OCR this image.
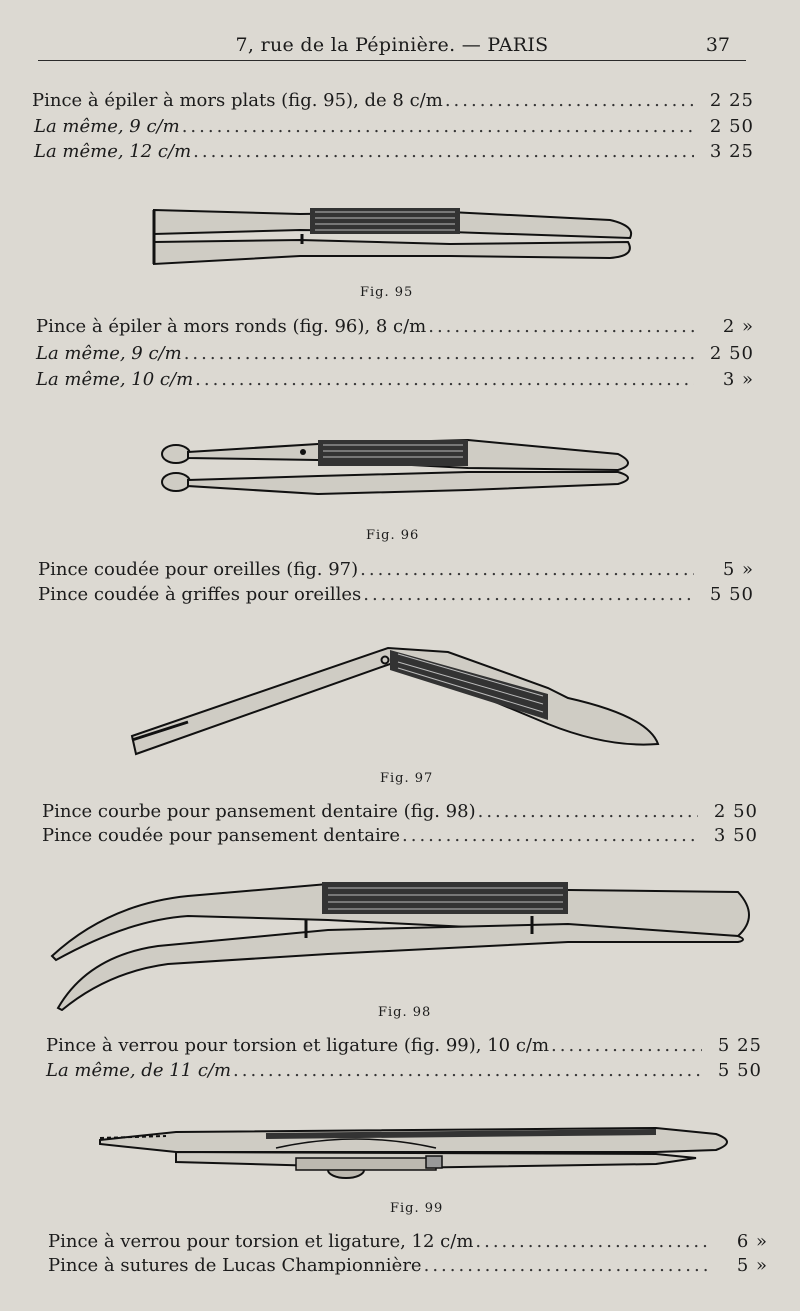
7, rue de la Pépinière. — PARIS	37
Pince à épiler à mors plats (fig. 95), de 8 c/m .....	2 25
La même, 9 c/m .....	2 50
La même, 12 c/m .....	3 25
Fig. 95
Pince à épiler à mors ronds (fig. 96), 8 c/m .....	2 »
La même, 9 c/m .....	2 50
La même, 10 c/m .....	3 »
Fig. 96
Pince coudée pour oreilles (fig. 97) .....	5 »
Pince coudée à griffes pour oreilles .....	5 50
Fig. 97
Pince courbe pour pansement dentaire (fig. 98) .....	2 50
Pince coudée pour pansement dentaire .....	3 50
Fig. 98
Pince à verrou pour torsion et ligature (fig. 99), 10 c/m .....	5 25
La même, de 11 c/m .....	5 50
Fig. 99
Pince à verrou pour torsion et ligature, 12 c/m .....	6 »
Pince à sutures de Lucas Championnière .....	5 »
